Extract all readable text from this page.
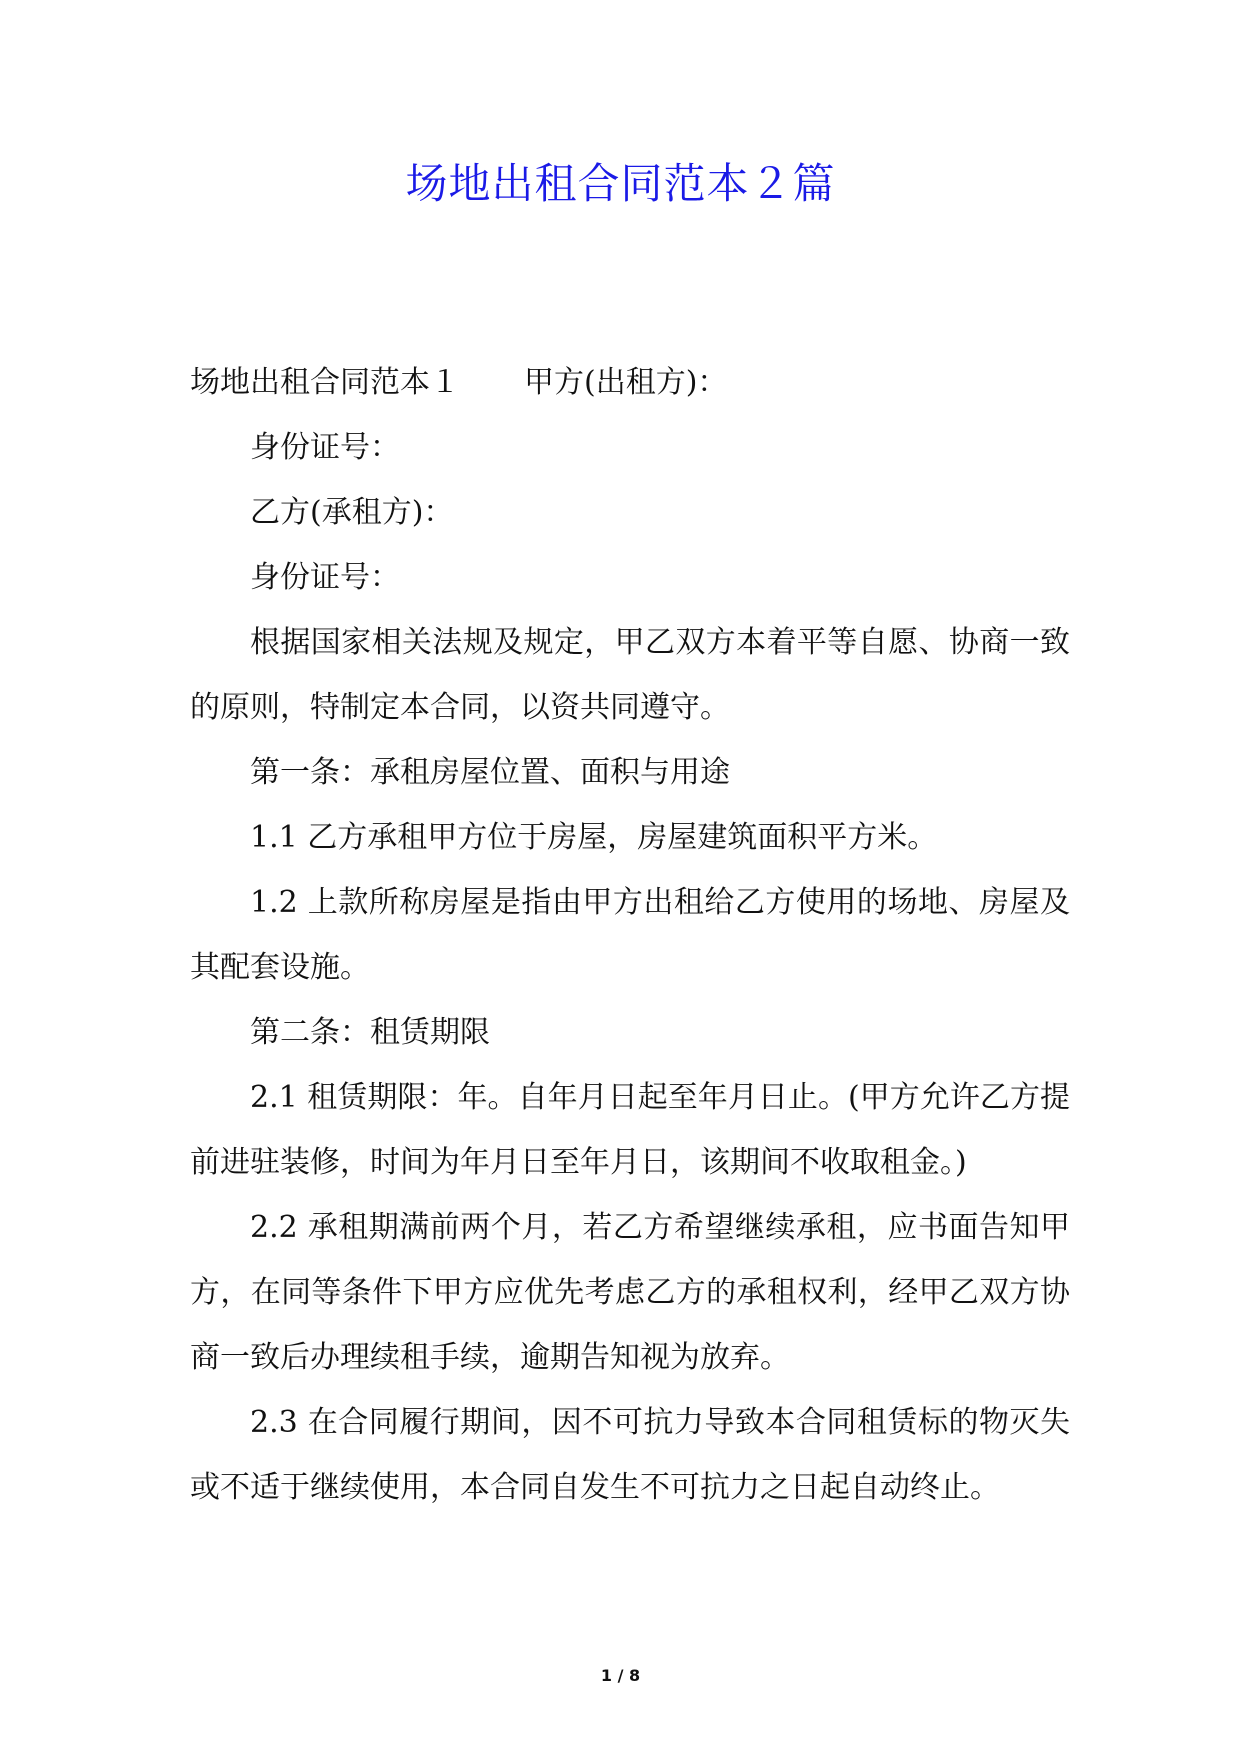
场地出租合同范本２篇

场地出租合同范本１ 甲方(出租方)：

身份证号：

乙方(承租方)：

身份证号：

根据国家相关法规及规定，甲乙双方本着平等自愿、协商一致的原则，特制定本合同，以资共同遵守。

第一条：承租房屋位置、面积与用途

1.1 乙方承租甲方位于房屋，房屋建筑面积平方米。

1.2 上款所称房屋是指由甲方出租给乙方使用的场地、房屋及其配套设施。

第二条：租赁期限

2.1 租赁期限：年。自年月日起至年月日止。(甲方允许乙方提前进驻装修，时间为年月日至年月日，该期间不收取租金。)

2.2 承租期满前两个月，若乙方希望继续承租，应书面告知甲方，在同等条件下甲方应优先考虑乙方的承租权利，经甲乙双方协商一致后办理续租手续，逾期告知视为放弃。

2.3 在合同履行期间，因不可抗力导致本合同租赁标的物灭失或不适于继续使用，本合同自发生不可抗力之日起自动终止。

1 / 8
